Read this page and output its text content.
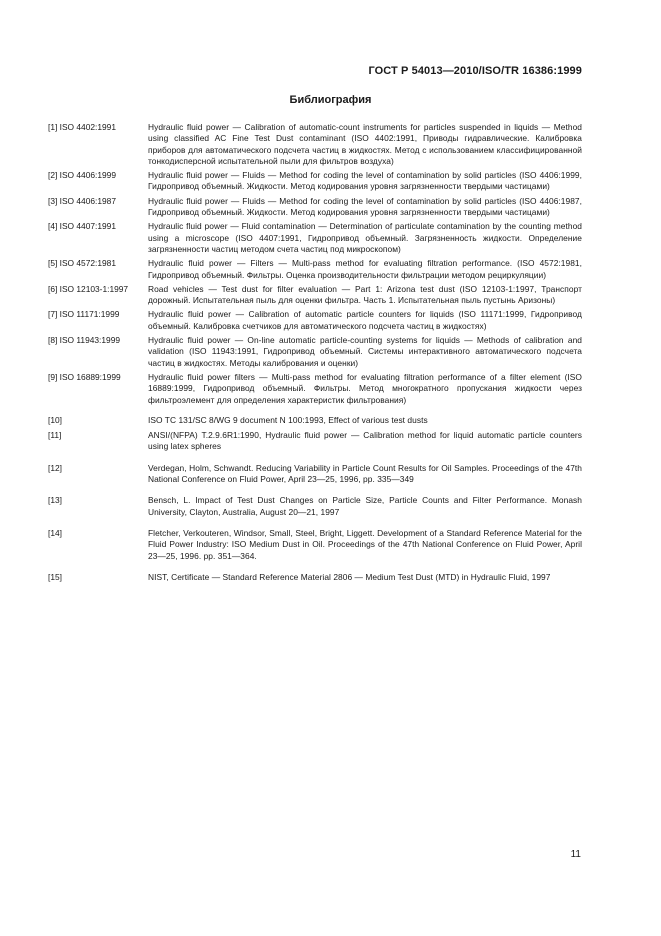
ГОСТ Р 54013—2010/ISO/TR 16386:1999
Библиография
[1] ISO 4402:1991	Hydraulic fluid power — Calibration of automatic-count instruments for particles suspended in liquids — Method using classified AC Fine Test Dust contaminant (ISO 4402:1991, Приводы гидравлические. Калибровка приборов для автоматического подсчета частиц в жидкостях. Метод с использованием классифицированной тонкодисперсной испытательной пыли для фильтров воздуха)
[2] ISO 4406:1999	Hydraulic fluid power — Fluids — Method for coding the level of contamination by solid particles (ISO 4406:1999, Гидропривод объемный. Жидкости. Метод кодирования уровня загрязненности твердыми частицами)
[3] ISO 4406:1987	Hydraulic fluid power — Fluids — Method for coding the level of contamination by solid particles (ISO 4406:1987, Гидропривод объемный. Жидкости. Метод кодирования уровня загрязненности твердыми частицами)
[4] ISO 4407:1991	Hydraulic fluid power — Fluid contamination — Determination of particulate contamination by the counting method using a microscope (ISO 4407:1991, Гидропривод объемный. Загрязненность жидкости. Определение загрязненности частиц методом счета частиц под микроскопом)
[5] ISO 4572:1981	Hydraulic fluid power — Filters — Multi-pass method for evaluating filtration performance. (ISO 4572:1981, Гидропривод объемный. Фильтры. Оценка производительности фильтрации методом рециркуляции)
[6] ISO 12103-1:1997	Road vehicles — Test dust for filter evaluation — Part 1: Arizona test dust (ISO 12103-1:1997, Транспорт дорожный. Испытательная пыль для оценки фильтра. Часть 1. Испытательная пыль пустынь Аризоны)
[7] ISO 11171:1999	Hydraulic fluid power — Calibration of automatic particle counters for liquids (ISO 11171:1999, Гидропривод объемный. Калибровка счетчиков для автоматического подсчета частиц в жидкостях)
[8] ISO 11943:1999	Hydraulic fluid power — On-line automatic particle-counting systems for liquids — Methods of calibration and validation (ISO 11943:1991, Гидропривод объемный. Системы интерактивного автоматического подсчета частиц в жидкостях. Методы калибрования и оценки)
[9] ISO 16889:1999	Hydraulic fluid power filters — Multi-pass method for evaluating filtration performance of a filter element (ISO 16889:1999, Гидропривод объемный. Фильтры. Метод многократного пропускания жидкости через фильтроэлемент для определения характеристик фильтрования)
[10]	ISO TC 131/SC 8/WG 9 document N 100:1993, Effect of various test dusts
[11]	ANSI/(NFPA) T.2.9.6R1:1990, Hydraulic fluid power — Calibration method for liquid automatic particle counters using latex spheres
[12]	Verdegan, Holm, Schwandt. Reducing Variability in Particle Count Results for Oil Samples. Proceedings of the 47th National Conference on Fluid Power, April 23—25, 1996, pp. 335—349
[13]	Bensch, L. Impact of Test Dust Changes on Particle Size, Particle Counts and Filter Performance. Monash University, Clayton, Australia, August 20—21, 1997
[14]	Fletcher, Verkouteren, Windsor, Small, Steel, Bright, Liggett. Development of a Standard Reference Material for the Fluid Power Industry: ISO Medium Dust in Oil. Proceedings of the 47th National Conference on Fluid Power, April 23—25, 1996. pp. 351—364.
[15]	NIST, Certificate — Standard Reference Material 2806 — Medium Test Dust (MTD) in Hydraulic Fluid, 1997
11
